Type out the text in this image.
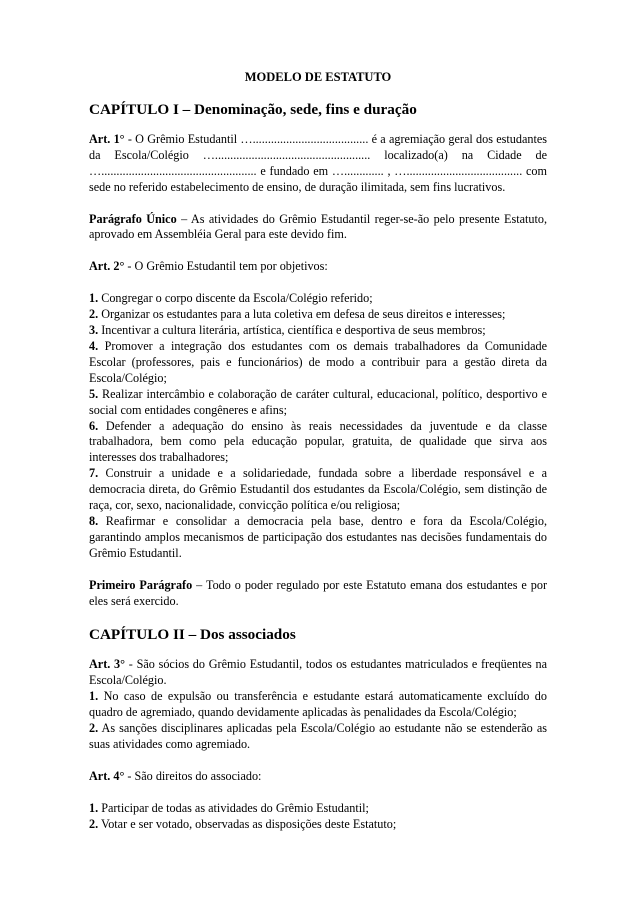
MODELO DE ESTATUTO
CAPÍTULO I – Denominação, sede, fins e duração

Art. 1° - O Grêmio Estudantil …...................................... é a agremiação geral dos estudantes da Escola/Colégio …................................................... localizado(a) na Cidade de …................................................... e fundado em …............. , …...................................... com sede no referido estabelecimento de ensino, de duração ilimitada, sem fins lucrativos.

Parágrafo Único – As atividades do Grêmio Estudantil reger-se-ão pelo presente Estatuto, aprovado em Assembléia Geral para este devido fim.

Art. 2° - O Grêmio Estudantil tem por objetivos:

1. Congregar o corpo discente da Escola/Colégio referido;

2. Organizar os estudantes para a luta coletiva em defesa de seus direitos e interesses;

3. Incentivar a cultura literária, artística, científica e desportiva de seus membros;

4. Promover a integração dos estudantes com os demais trabalhadores da Comunidade Escolar (professores, pais e funcionários) de modo a contribuir para a gestão direta da Escola/Colégio;

5. Realizar intercâmbio e colaboração de caráter cultural, educacional, político, desportivo e social com entidades congêneres e afins;

6. Defender a adequação do ensino às reais necessidades da juventude e da classe trabalhadora, bem como pela educação popular, gratuita, de qualidade que sirva aos interesses dos trabalhadores;

7. Construir a unidade e a solidariedade, fundada sobre a liberdade responsável e a democracia direta, do Grêmio Estudantil dos estudantes da Escola/Colégio, sem distinção de raça, cor, sexo, nacionalidade, convicção política e/ou religiosa;

8. Reafirmar e consolidar a democracia pela base, dentro e fora da Escola/Colégio, garantindo amplos mecanismos de participação dos estudantes nas decisões fundamentais do Grêmio Estudantil.

Primeiro Parágrafo – Todo o poder regulado por este Estatuto emana dos estudantes e por eles será exercido.

CAPÍTULO II – Dos associados

Art. 3° - São sócios do Grêmio Estudantil, todos os estudantes matriculados e freqüentes na Escola/Colégio.

1. No caso de expulsão ou transferência e estudante estará automaticamente excluído do quadro de agremiado, quando devidamente aplicadas às penalidades da Escola/Colégio;

2. As sanções disciplinares aplicadas pela Escola/Colégio ao estudante não se estenderão as suas atividades como agremiado.

Art. 4° - São direitos do associado:

1. Participar de todas as atividades do Grêmio Estudantil;

2. Votar e ser votado, observadas as disposições deste Estatuto;
